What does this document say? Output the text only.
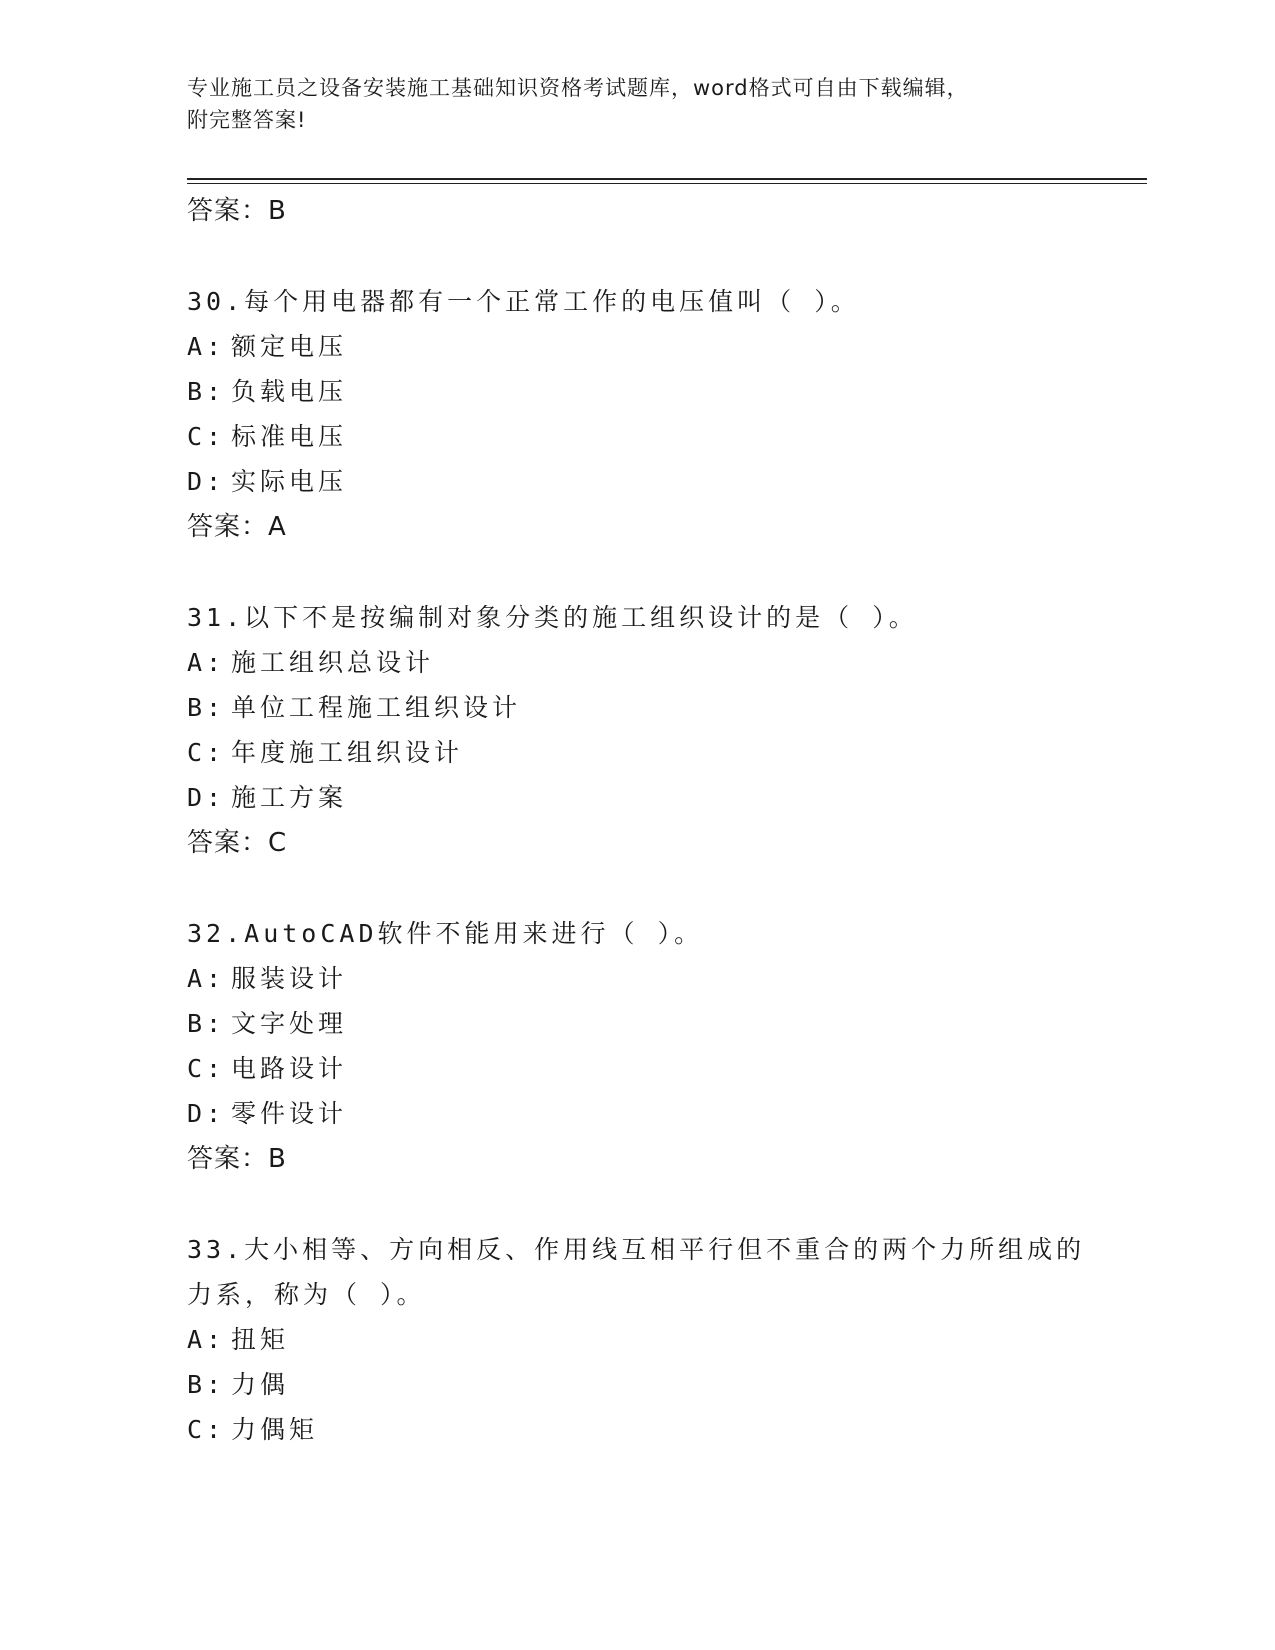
专业施工员之设备安装施工基础知识资格考试题库，word格式可自由下载编辑，
附完整答案!
答案：B
30.每个用电器都有一个正常工作的电压值叫（ ）。
A: 额定电压
B: 负载电压
C: 标准电压
D: 实际电压
答案：A
31.以下不是按编制对象分类的施工组织设计的是（ ）。
A: 施工组织总设计
B: 单位工程施工组织设计
C: 年度施工组织设计
D: 施工方案
答案：C
32.AutoCAD软件不能用来进行（ ）。
A: 服装设计
B: 文字处理
C: 电路设计
D: 零件设计
答案：B
33.大小相等、方向相反、作用线互相平行但不重合的两个力所组成的
力系，称为（ ）。
A: 扭矩
B: 力偶
C: 力偶矩
